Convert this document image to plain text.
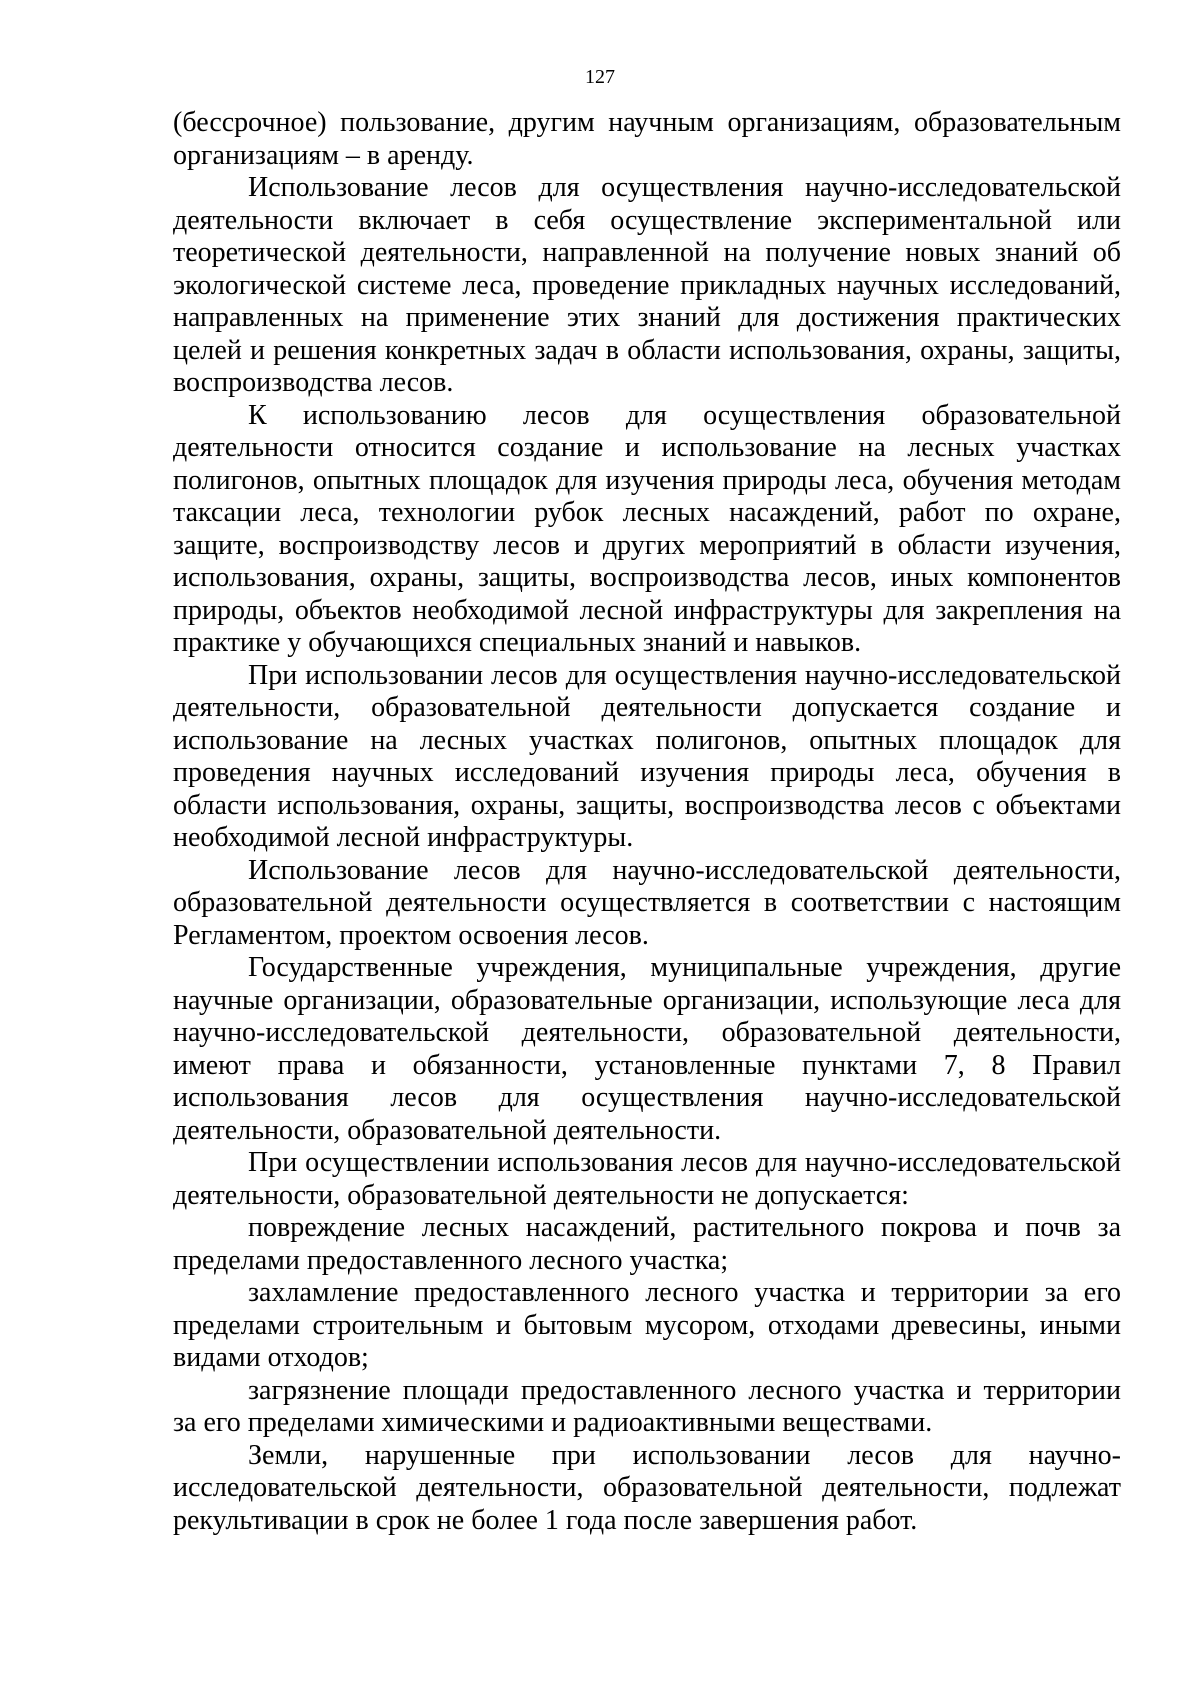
127

(бессрочное) пользование, другим научным организациям, образовательным организациям – в аренду.

Использование лесов для осуществления научно-исследовательской деятельности включает в себя осуществление экспериментальной или теоретической деятельности, направленной на получение новых знаний об экологической системе леса, проведение прикладных научных исследований, направленных на применение этих знаний для достижения практических целей и решения конкретных задач в области использования, охраны, защиты, воспроизводства лесов.

К использованию лесов для осуществления образовательной деятельности относится создание и использование на лесных участках полигонов, опытных площадок для изучения природы леса, обучения методам таксации леса, технологии рубок лесных насаждений, работ по охране, защите, воспроизводству лесов и других мероприятий в области изучения, использования, охраны, защиты, воспроизводства лесов, иных компонентов природы, объектов необходимой лесной инфраструктуры для закрепления на практике у обучающихся специальных знаний и навыков.

При использовании лесов для осуществления научно-исследовательской деятельности, образовательной деятельности допускается создание и использование на лесных участках полигонов, опытных площадок для проведения научных исследований изучения природы леса, обучения в области использования, охраны, защиты, воспроизводства лесов с объектами необходимой лесной инфраструктуры.

Использование лесов для научно-исследовательской деятельности, образовательной деятельности осуществляется в соответствии с настоящим Регламентом, проектом освоения лесов.

Государственные учреждения, муниципальные учреждения, другие научные организации, образовательные организации, использующие леса для научно-исследовательской деятельности, образовательной деятельности, имеют права и обязанности, установленные пунктами 7, 8 Правил использования лесов для осуществления научно-исследовательской деятельности, образовательной деятельности.

При осуществлении использования лесов для научно-исследовательской деятельности, образовательной деятельности не допускается:

повреждение лесных насаждений, растительного покрова и почв за пределами предоставленного лесного участка;

захламление предоставленного лесного участка и территории за его пределами строительным и бытовым мусором, отходами древесины, иными видами отходов;

загрязнение площади предоставленного лесного участка и территории за его пределами химическими и радиоактивными веществами.

Земли, нарушенные при использовании лесов для научно-исследовательской деятельности, образовательной деятельности, подлежат рекультивации в срок не более 1 года после завершения работ.
